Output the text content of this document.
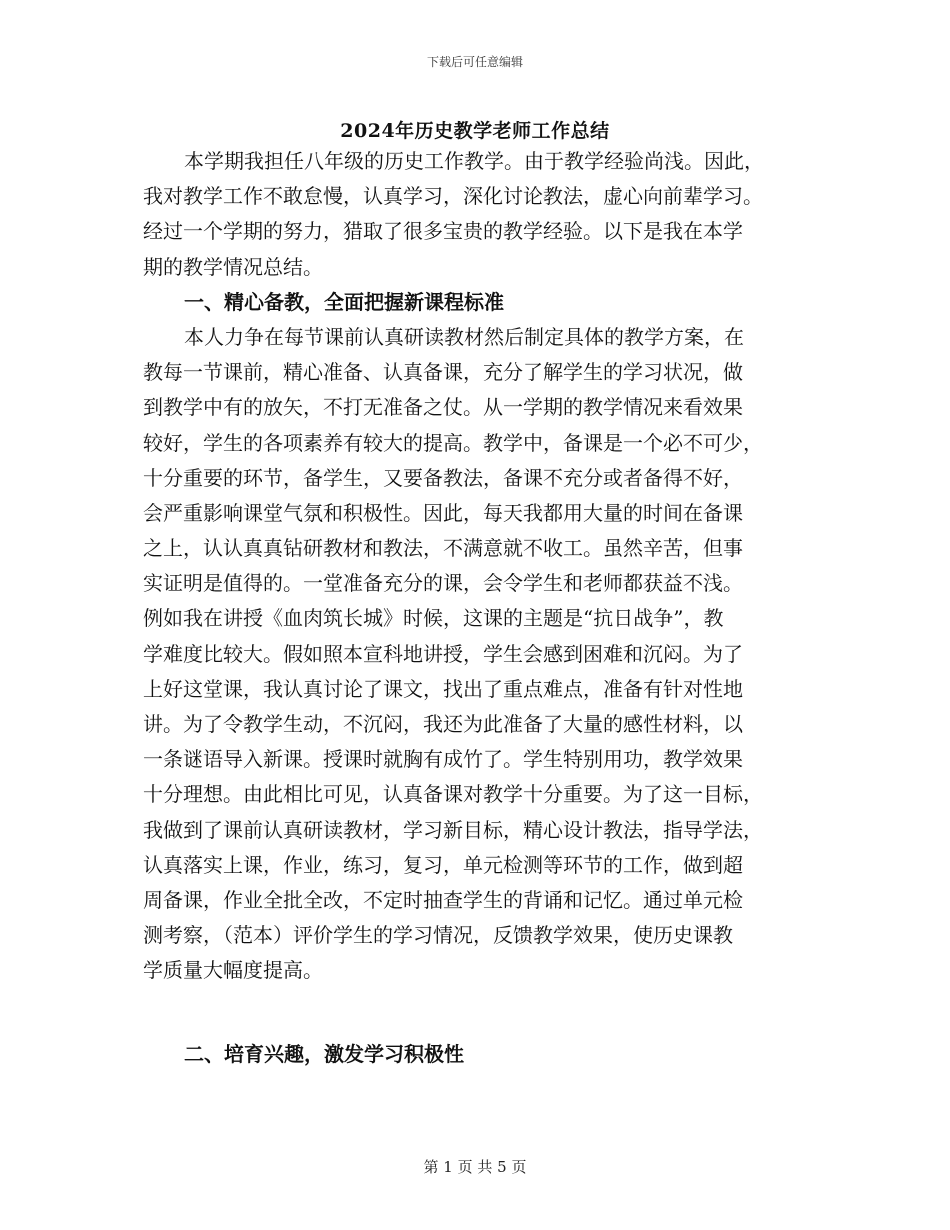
下载后可任意编辑
2024年历史教学老师工作总结
本学期我担任八年级的历史工作教学。由于教学经验尚浅。因此，
我对教学工作不敢怠慢，认真学习，深化讨论教法，虚心向前辈学习。
经过一个学期的努力，猎取了很多宝贵的教学经验。以下是我在本学
期的教学情况总结。
一、精心备教，全面把握新课程标准
本人力争在每节课前认真研读教材然后制定具体的教学方案，在
教每一节课前，精心准备、认真备课，充分了解学生的学习状况，做
到教学中有的放矢，不打无准备之仗。从一学期的教学情况来看效果
较好，学生的各项素养有较大的提高。教学中，备课是一个必不可少，
十分重要的环节，备学生，又要备教法，备课不充分或者备得不好，
会严重影响课堂气氛和积极性。因此，每天我都用大量的时间在备课
之上，认认真真钻研教材和教法，不满意就不收工。虽然辛苦，但事
实证明是值得的。一堂准备充分的课，会令学生和老师都获益不浅。
例如我在讲授《血肉筑长城》时候，这课的主题是“抗日战争”，教
学难度比较大。假如照本宣科地讲授，学生会感到困难和沉闷。为了
上好这堂课，我认真讨论了课文，找出了重点难点，准备有针对性地
讲。为了令教学生动，不沉闷，我还为此准备了大量的感性材料，以
一条谜语导入新课。授课时就胸有成竹了。学生特别用功，教学效果
十分理想。由此相比可见，认真备课对教学十分重要。为了这一目标，
我做到了课前认真研读教材，学习新目标，精心设计教法，指导学法，
认真落实上课，作业，练习，复习，单元检测等环节的工作，做到超
周备课，作业全批全改，不定时抽查学生的背诵和记忆。通过单元检
测考察，（范本）评价学生的学习情况，反馈教学效果，使历史课教
学质量大幅度提高。
二、培育兴趣，激发学习积极性
第 1 页 共 5 页
